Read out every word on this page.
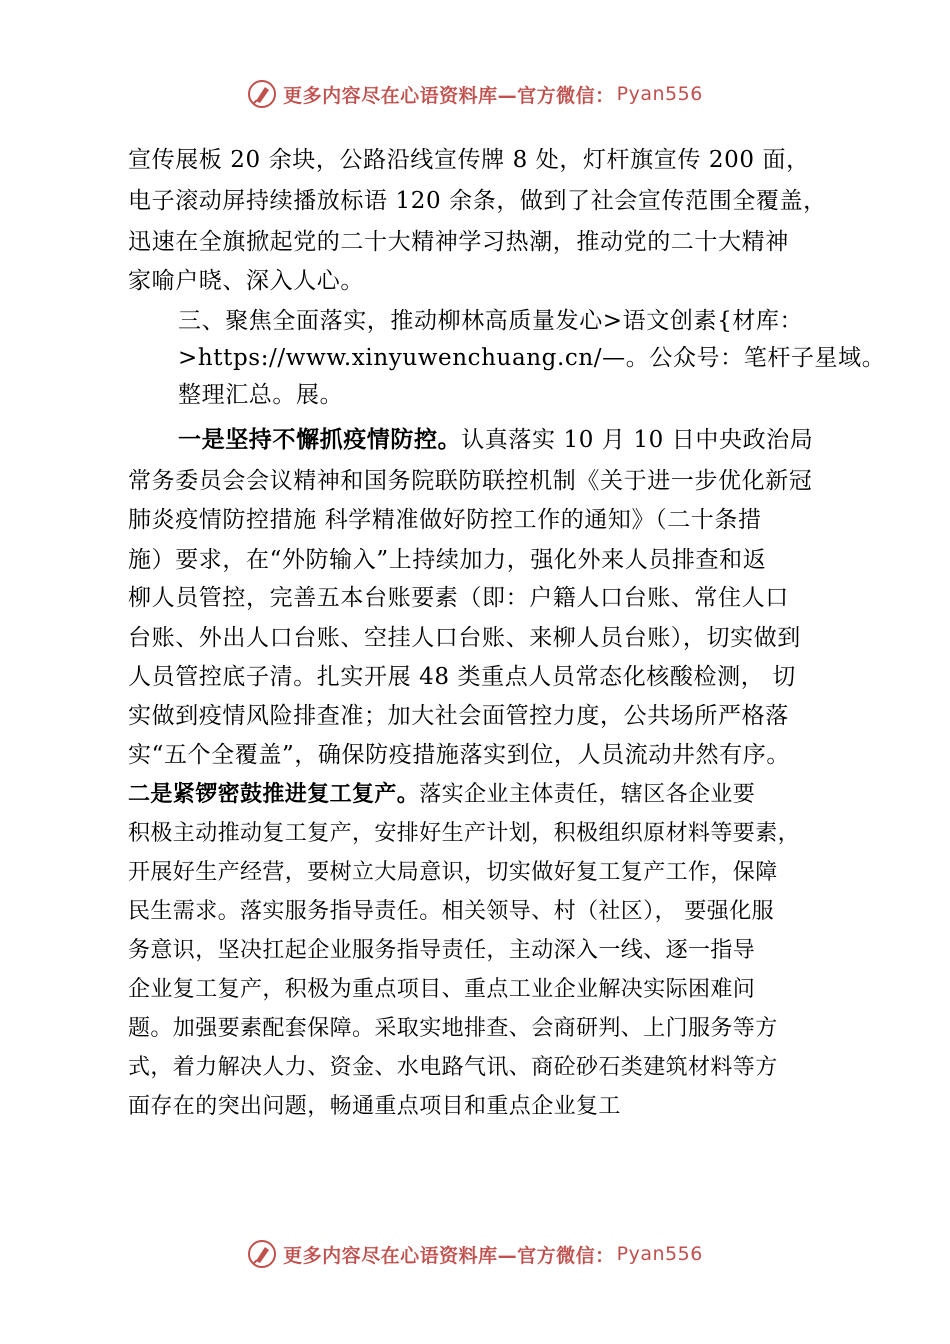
更多内容尽在心语资料库—官方微信： Pyan556
宣传展板 20 余块，公路沿线宣传牌 8 处，灯杆旗宣传 200 面，
电子滚动屏持续播放标语 120 余条，做到了社会宣传范围全覆盖，
迅速在全旗掀起党的二十大精神学习热潮，推动党的二十大精神
家喻户晓、深入人心。
三、聚焦全面落实，推动柳林高质量发心>语文创素{材库：
>https://www.xinyuwenchuang.cn/—。公众号：笔杆子星域。
整理汇总。展。
一是坚持不懈抓疫情防控。认真落实 10 月 10 日中央政治局
常务委员会会议精神和国务院联防联控机制《关于进一步优化新冠
肺炎疫情防控措施 科学精准做好防控工作的通知》（二十条措
施）要求，在“外防输入”上持续加力，强化外来人员排查和返
柳人员管控，完善五本台账要素（即：户籍人口台账、常住人口
台账、外出人口台账、空挂人口台账、来柳人员台账），切实做到
人员管控底子清。扎实开展 48 类重点人员常态化核酸检测， 切
实做到疫情风险排查准；加大社会面管控力度，公共场所严格落
实“五个全覆盖”，确保防疫措施落实到位，人员流动井然有序。
二是紧锣密鼓推进复工复产。落实企业主体责任，辖区各企业要
积极主动推动复工复产，安排好生产计划，积极组织原材料等要素，
开展好生产经营，要树立大局意识，切实做好复工复产工作，保障
民生需求。落实服务指导责任。相关领导、村（社区）， 要强化服
务意识，坚决扛起企业服务指导责任，主动深入一线、逐一指导
企业复工复产，积极为重点项目、重点工业企业解决实际困难问
题。加强要素配套保障。采取实地排查、会商研判、上门服务等方
式，着力解决人力、资金、水电路气讯、商砼砂石类建筑材料等方
面存在的突出问题，畅通重点项目和重点企业复工
更多内容尽在心语资料库—官方微信： Pyan556
